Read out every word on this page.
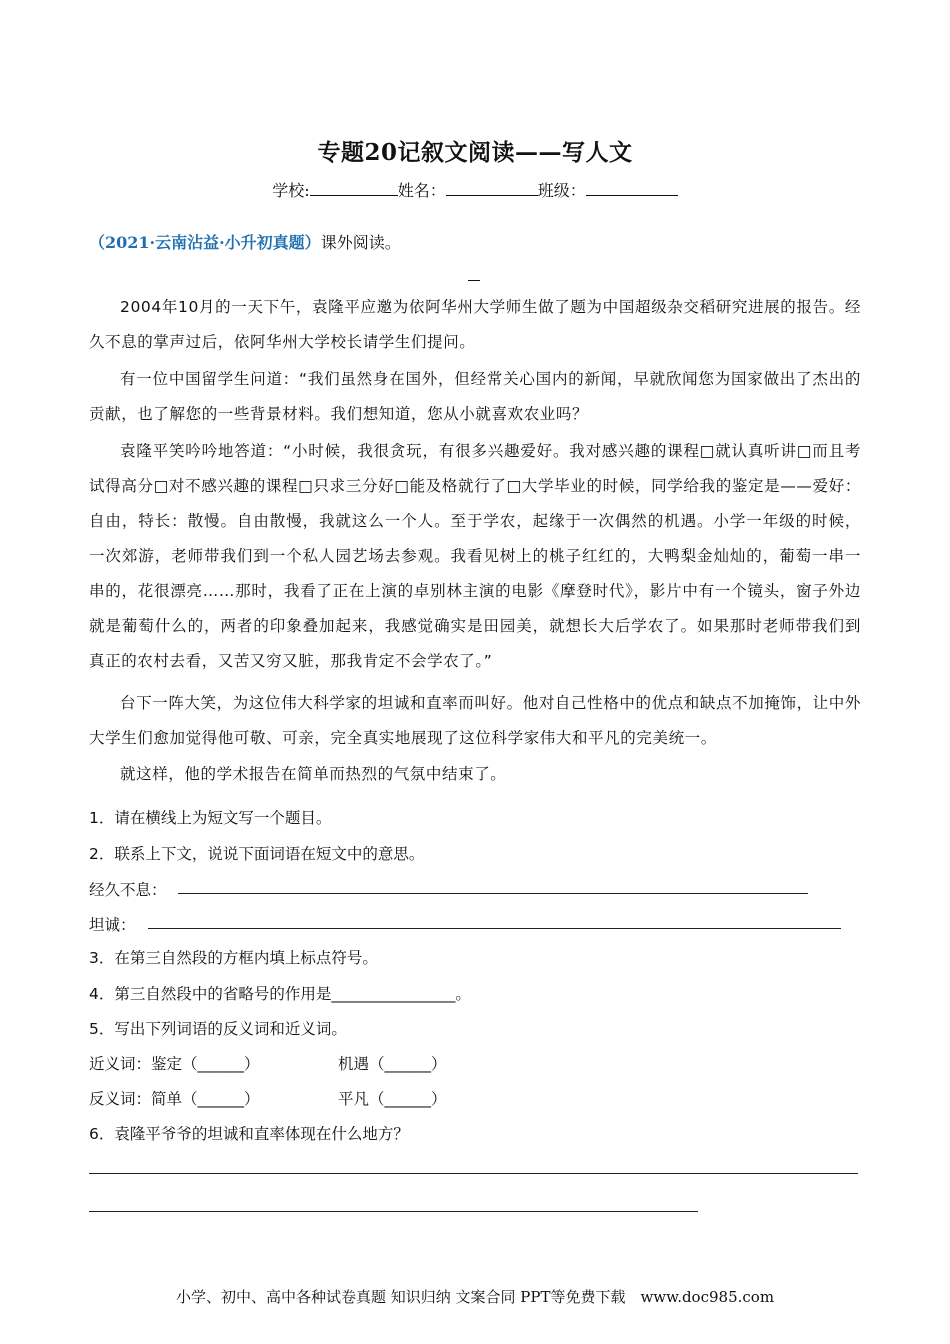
专题20记叙文阅读——写人文
学校:	姓名：	班级：
（2021·云南沾益·小升初真题）课外阅读。
2004年10月的一天下午，袁隆平应邀为依阿华州大学师生做了题为中国超级杂交稻研究进展的报告。经久不息的掌声过后，依阿华州大学校长请学生们提问。
有一位中国留学生问道：“我们虽然身在国外，但经常关心国内的新闻，早就欣闻您为国家做出了杰出的贡献，也了解您的一些背景材料。我们想知道，您从小就喜欢农业吗？
袁隆平笑吟吟地答道：“小时候，我很贪玩，有很多兴趣爱好。我对感兴趣的课程□就认真听讲□而且考试得高分□对不感兴趣的课程□只求三分好□能及格就行了□大学毕业的时候，同学给我的鉴定是——爱好：自由，特长：散慢。自由散慢，我就这么一个人。至于学农，起缘于一次偶然的机遇。小学一年级的时候，一次郊游，老师带我们到一个私人园艺场去参观。我看见树上的桃子红红的，大鸭梨金灿灿的，葡萄一串一串的，花很漂亮……那时，我看了正在上演的卓别林主演的电影《摩登时代》，影片中有一个镜头，窗子外边就是葡萄什么的，两者的印象叠加起来，我感觉确实是田园美，就想长大后学农了。如果那时老师带我们到真正的农村去看，又苦又穷又脏，那我肯定不会学农了。”
台下一阵大笑，为这位伟大科学家的坦诚和直率而叫好。他对自己性格中的优点和缺点不加掩饰，让中外大学生们愈加觉得他可敬、可亲，完全真实地展现了这位科学家伟大和平凡的完美统一。
就这样，他的学术报告在简单而热烈的气氛中结束了。
1．请在横线上为短文写一个题目。
2．联系上下文，说说下面词语在短文中的意思。
经久不息：
坦诚：
3．在第三自然段的方框内填上标点符号。
4．第三自然段中的省略号的作用是________________。
5．写出下列词语的反义词和近义词。
近义词：鉴定（______）	机遇（______）
反义词：简单（______）	平凡（______）
6．袁隆平爷爷的坦诚和直率体现在什么地方？
小学、初中、高中各种试卷真题 知识归纳 文案合同 PPT等免费下载　www.doc985.com
